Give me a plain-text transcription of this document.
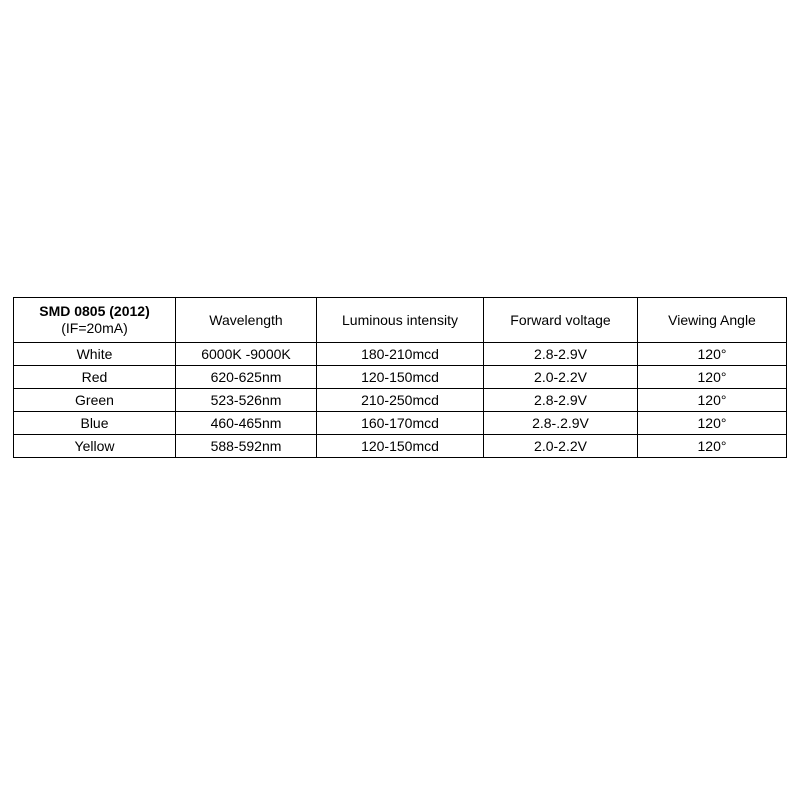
SMD 0805 (2012)
(IF=20mA)	Wavelength	Luminous intensity	Forward voltage	Viewing Angle
White	6000K -9000K	180-210mcd	2.8-2.9V	120°
Red	620-625nm	120-150mcd	2.0-2.2V	120°
Green	523-526nm	210-250mcd	2.8-2.9V	120°
Blue	460-465nm	160-170mcd	2.8-.2.9V	120°
Yellow	588-592nm	120-150mcd	2.0-2.2V	120°
